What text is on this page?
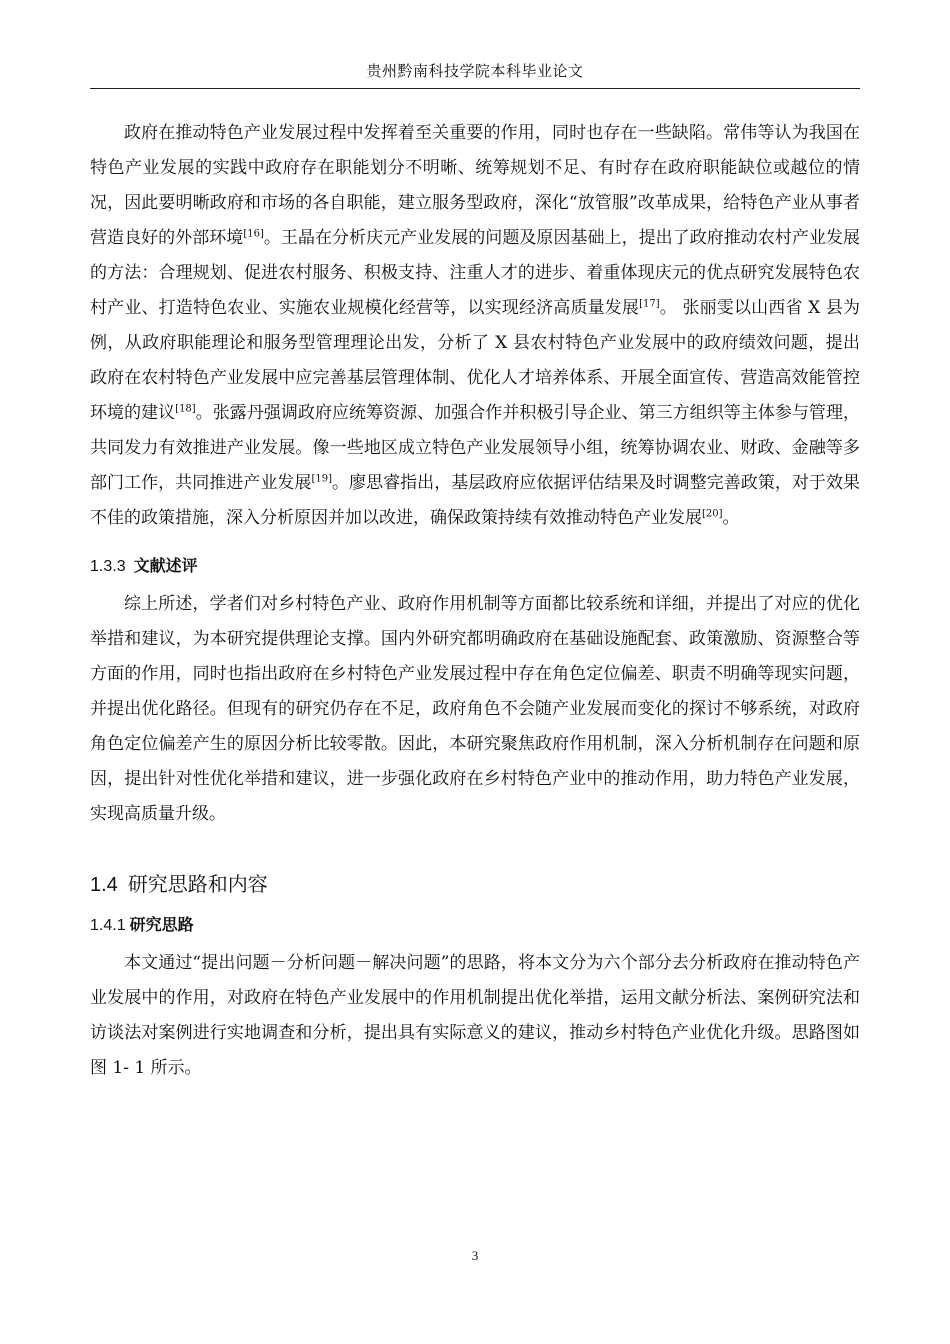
贵州黔南科技学院本科毕业论文

政府在推动特色产业发展过程中发挥着至关重要的作用，同时也存在一些缺陷。常伟等认为我国在特色产业发展的实践中政府存在职能划分不明晰、统筹规划不足、有时存在政府职能缺位或越位的情况，因此要明晰政府和市场的各自职能，建立服务型政府，深化“放管服”改革成果，给特色产业从事者营造良好的外部环境[16]。王晶在分析庆元产业发展的问题及原因基础上，提出了政府推动农村产业发展的方法：合理规划、促进农村服务、积极支持、注重人才的进步、着重体现庆元的优点研究发展特色农村产业、打造特色农业、实施农业规模化经营等，以实现经济高质量发展[17]。 张丽雯以山西省 X 县为例，从政府职能理论和服务型管理理论出发，分析了 X 县农村特色产业发展中的政府绩效问题，提出政府在农村特色产业发展中应完善基层管理体制、优化人才培养体系、开展全面宣传、营造高效能管控环境的建议[18]。张露丹强调政府应统筹资源、加强合作并积极引导企业、第三方组织等主体参与管理，共同发力有效推进产业发展。像一些地区成立特色产业发展领导小组，统筹协调农业、财政、金融等多部门工作，共同推进产业发展[19]。廖思睿指出，基层政府应依据评估结果及时调整完善政策，对于效果不佳的政策措施，深入分析原因并加以改进，确保政策持续有效推动特色产业发展[20]。

1.3.3 文献述评

综上所述，学者们对乡村特色产业、政府作用机制等方面都比较系统和详细，并提出了对应的优化举措和建议，为本研究提供理论支撑。国内外研究都明确政府在基础设施配套、政策激励、资源整合等方面的作用，同时也指出政府在乡村特色产业发展过程中存在角色定位偏差、职责不明确等现实问题，并提出优化路径。但现有的研究仍存在不足，政府角色不会随产业发展而变化的探讨不够系统，对政府角色定位偏差产生的原因分析比较零散。因此，本研究聚焦政府作用机制，深入分析机制存在问题和原因，提出针对性优化举措和建议，进一步强化政府在乡村特色产业中的推动作用，助力特色产业发展，实现高质量升级。

1.4 研究思路和内容
1.4.1 研究思路

本文通过“提出问题－分析问题－解决问题”的思路，将本文分为六个部分去分析政府在推动特色产业发展中的作用，对政府在特色产业发展中的作用机制提出优化举措，运用文献分析法、案例研究法和访谈法对案例进行实地调查和分析，提出具有实际意义的建议，推动乡村特色产业优化升级。思路图如图 1- 1 所示。

3
